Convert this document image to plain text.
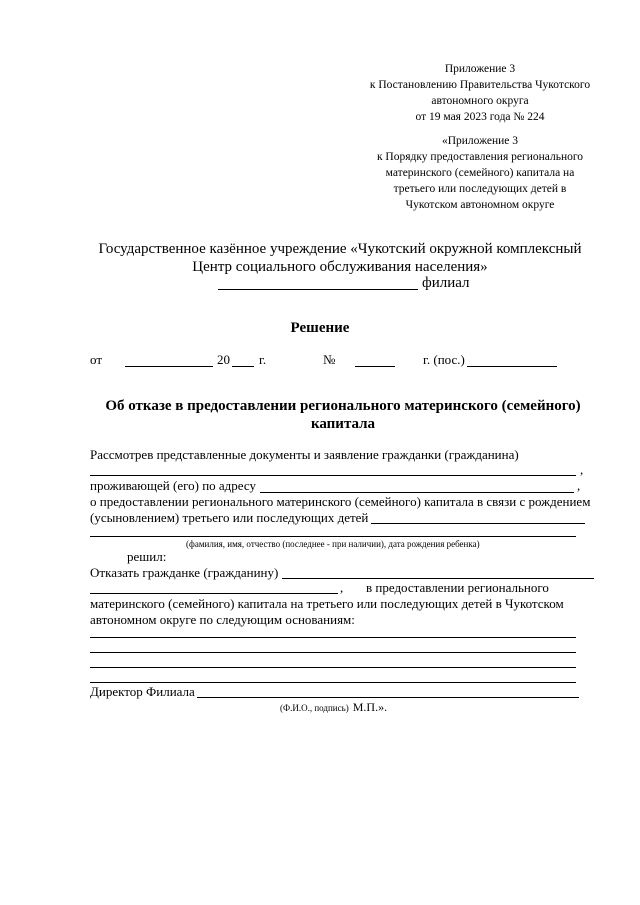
Приложение 3
к Постановлению Правительства Чукотского
автономного округа
от 19 мая 2023 года № 224
«Приложение 3
к Порядку предоставления регионального
материнского (семейного) капитала на
третьего или последующих детей в
Чукотском автономном округе
Государственное казённое учреждение «Чукотский окружной комплексный
Центр социального обслуживания населения»
филиал
Решение
от	20 г.	№	г. (пос.)
Об отказе в предоставлении регионального материнского (семейного)
капитала
Рассмотрев представленные документы и заявление гражданки (гражданина)
,
проживающей (его) по адресу	,
о предоставлении регионального материнского (семейного) капитала в связи с рождением
(усыновлением) третьего или последующих детей
(фамилия, имя, отчество (последнее - при наличии), дата рождения ребенка)
решил:
Отказать гражданке (гражданину)
, в предоставлении регионального
материнского (семейного) капитала на третьего или последующих детей в Чукотском
автономном округе по следующим основаниям:
Директор Филиала
(Ф.И.О., подпись) М.П.».
